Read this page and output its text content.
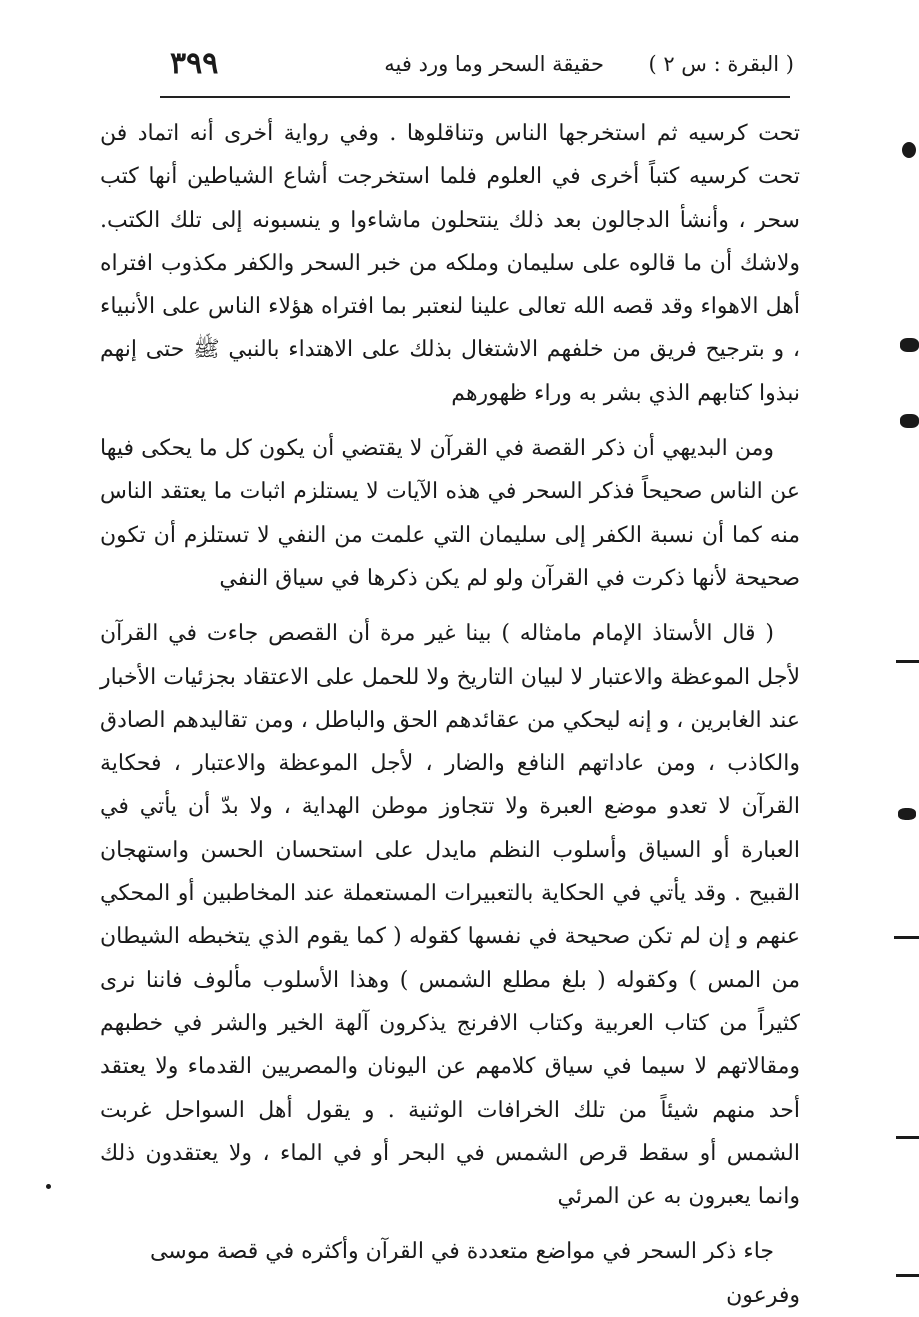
( البقرة : س ٢ )
حقيقة السحر وما ورد فيه
٣٩٩

تحت كرسيه ثم استخرجها الناس وتناقلوها . وفي رواية أخرى أنه اتماد فن تحت كرسيه كتباً أخرى في العلوم فلما استخرجت أشاع الشياطين أنها كتب سحر ، وأنشأ الدجالون بعد ذلك ينتحلون ماشاءوا و ينسبونه إلى تلك الكتب. ولاشك أن ما قالوه على سليمان وملكه من خبر السحر والكفر مكذوب افتراه أهل الاهواء وقد قصه الله تعالى علينا لنعتبر بما افتراه هؤلاء الناس على الأنبياء ، و بترجيح فريق من خلفهم الاشتغال بذلك على الاهتداء بالنبي ﷺ حتى إنهم نبذوا كتابهم الذي بشر به وراء ظهورهم

ومن البديهي أن ذكر القصة في القرآن لا يقتضي أن يكون كل ما يحكى فيها عن الناس صحيحاً فذكر السحر في هذه الآيات لا يستلزم اثبات ما يعتقد الناس منه كما أن نسبة الكفر إلى سليمان التي علمت من النفي لا تستلزم أن تكون صحيحة لأنها ذكرت في القرآن ولو لم يكن ذكرها في سياق النفي

( قال الأستاذ الإمام مامثاله ) بينا غير مرة أن القصص جاءت في القرآن لأجل الموعظة والاعتبار لا لبيان التاريخ ولا للحمل على الاعتقاد بجزئيات الأخبار عند الغابرين ، و إنه ليحكي من عقائدهم الحق والباطل ، ومن تقاليدهم الصادق والكاذب ، ومن عاداتهم النافع والضار ، لأجل الموعظة والاعتبار ، فحكاية القرآن لا تعدو موضع العبرة ولا تتجاوز موطن الهداية ، ولا بدّ أن يأتي في العبارة أو السياق وأسلوب النظم مايدل على استحسان الحسن واستهجان القبيح . وقد يأتي في الحكاية بالتعبيرات المستعملة عند المخاطبين أو المحكي عنهم و إن لم تكن صحيحة في نفسها كقوله ( كما يقوم الذي يتخبطه الشيطان من المس ) وكقوله ( بلغ مطلع الشمس ) وهذا الأسلوب مألوف فاننا نرى كثيراً من كتاب العربية وكتاب الافرنج يذكرون آلهة الخير والشر في خطبهم ومقالاتهم لا سيما في سياق كلامهم عن اليونان والمصريين القدماء ولا يعتقد أحد منهم شيئاً من تلك الخرافات الوثنية . و يقول أهل السواحل غربت الشمس أو سقط قرص الشمس في البحر أو في الماء ، ولا يعتقدون ذلك وانما يعبرون به عن المرئي

جاء ذكر السحر في مواضع متعددة في القرآن وأكثره في قصة موسى وفرعون
